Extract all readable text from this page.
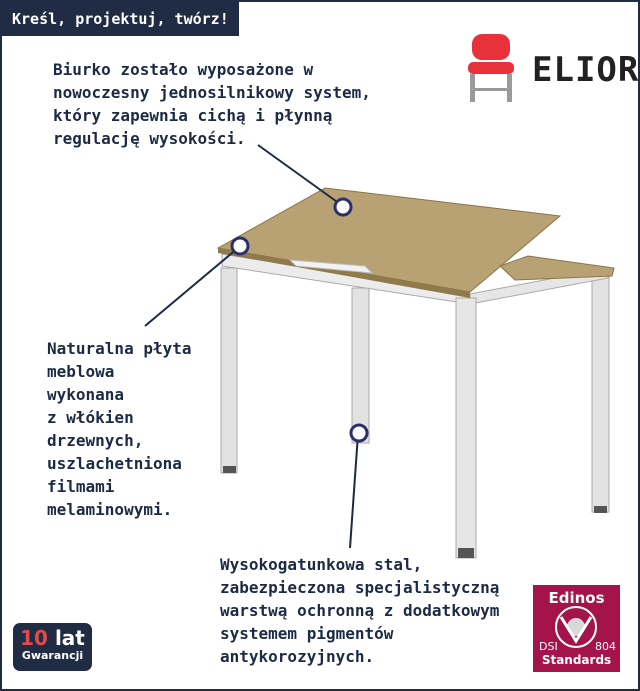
Kreśl, projektuj, twórz!
ELIOR
Biurko zostało wyposażone w
nowoczesny jednosilnikowy system,
który zapewnia cichą i płynną
regulację wysokości.
Naturalna płyta
meblowa
wykonana
z włókien
drzewnych,
uszlachetniona
filmami
melaminowymi.
Wysokogatunkowa stal,
zabezpieczona specjalistyczną
warstwą ochronną z dodatkowym
systemem pigmentów
antykorozyjnych.
10 lat
Gwarancji
Edinos
DSI	804
Standards
